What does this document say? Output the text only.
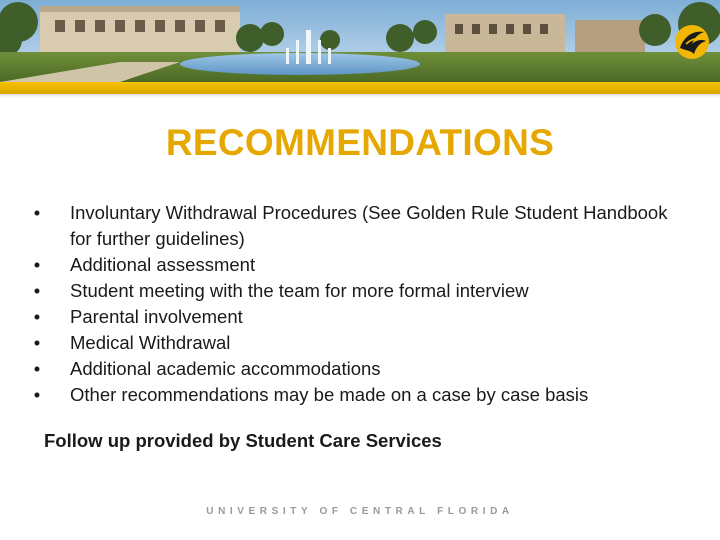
RECOMMENDATIONS
• Involuntary Withdrawal Procedures (See Golden Rule Student Handbook for further guidelines)
• Additional assessment
• Student meeting with the team for more formal interview
• Parental involvement
• Medical Withdrawal
• Additional academic accommodations
• Other recommendations may be made on a case by case basis
Follow up provided by Student Care Services
UNIVERSITY OF CENTRAL FLORIDA
